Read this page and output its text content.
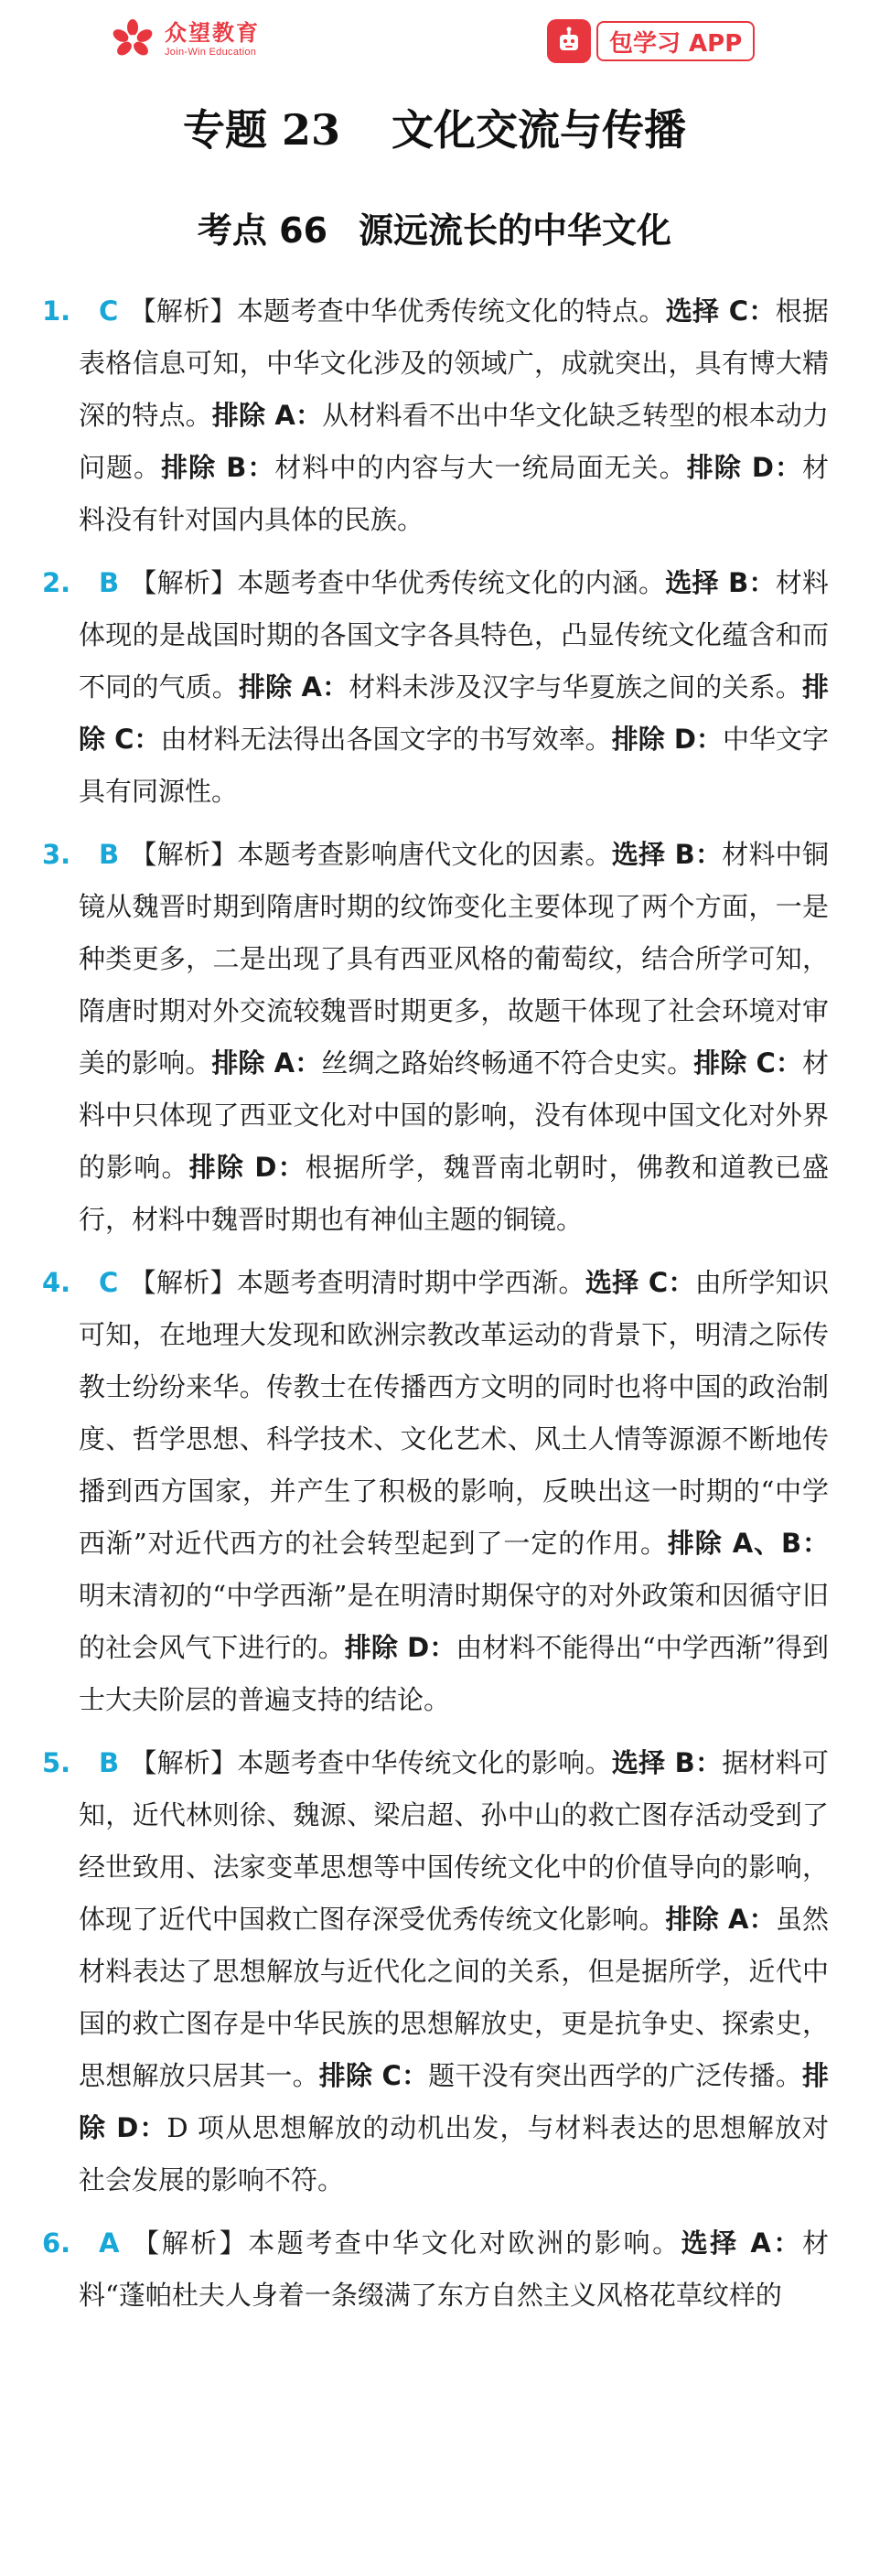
众望教育
Join-Win Education	包学习 APP
专题 23 文化交流与传播
考点 66 源远流长的中华文化
1. C 【解析】本题考查中华优秀传统文化的特点。选择 C：根据表格信息可知，中华文化涉及的领域广，成就突出，具有博大精深的特点。排除 A：从材料看不出中华文化缺乏转型的根本动力问题。排除 B：材料中的内容与大一统局面无关。排除 D：材料没有针对国内具体的民族。
2. B 【解析】本题考查中华优秀传统文化的内涵。选择 B：材料体现的是战国时期的各国文字各具特色，凸显传统文化蕴含和而不同的气质。排除 A：材料未涉及汉字与华夏族之间的关系。排除 C：由材料无法得出各国文字的书写效率。排除 D：中华文字具有同源性。
3. B 【解析】本题考查影响唐代文化的因素。选择 B：材料中铜镜从魏晋时期到隋唐时期的纹饰变化主要体现了两个方面，一是种类更多，二是出现了具有西亚风格的葡萄纹，结合所学可知，隋唐时期对外交流较魏晋时期更多，故题干体现了社会环境对审美的影响。排除 A：丝绸之路始终畅通不符合史实。排除 C：材料中只体现了西亚文化对中国的影响，没有体现中国文化对外界的影响。排除 D：根据所学，魏晋南北朝时，佛教和道教已盛行，材料中魏晋时期也有神仙主题的铜镜。
4. C 【解析】本题考查明清时期中学西渐。选择 C：由所学知识可知，在地理大发现和欧洲宗教改革运动的背景下，明清之际传教士纷纷来华。传教士在传播西方文明的同时也将中国的政治制度、哲学思想、科学技术、文化艺术、风土人情等源源不断地传播到西方国家，并产生了积极的影响，反映出这一时期的“中学西渐”对近代西方的社会转型起到了一定的作用。排除 A、B：明末清初的“中学西渐”是在明清时期保守的对外政策和因循守旧的社会风气下进行的。排除 D：由材料不能得出“中学西渐”得到士大夫阶层的普遍支持的结论。
5. B 【解析】本题考查中华传统文化的影响。选择 B：据材料可知，近代林则徐、魏源、梁启超、孙中山的救亡图存活动受到了经世致用、法家变革思想等中国传统文化中的价值导向的影响，体现了近代中国救亡图存深受优秀传统文化影响。排除 A：虽然材料表达了思想解放与近代化之间的关系，但是据所学，近代中国的救亡图存是中华民族的思想解放史，更是抗争史、探索史，思想解放只居其一。排除 C：题干没有突出西学的广泛传播。排除 D：D 项从思想解放的动机出发，与材料表达的思想解放对社会发展的影响不符。
6. A 【解析】本题考查中华文化对欧洲的影响。选择 A：材料“蓬帕杜夫人身着一条缀满了东方自然主义风格花草纹样的
